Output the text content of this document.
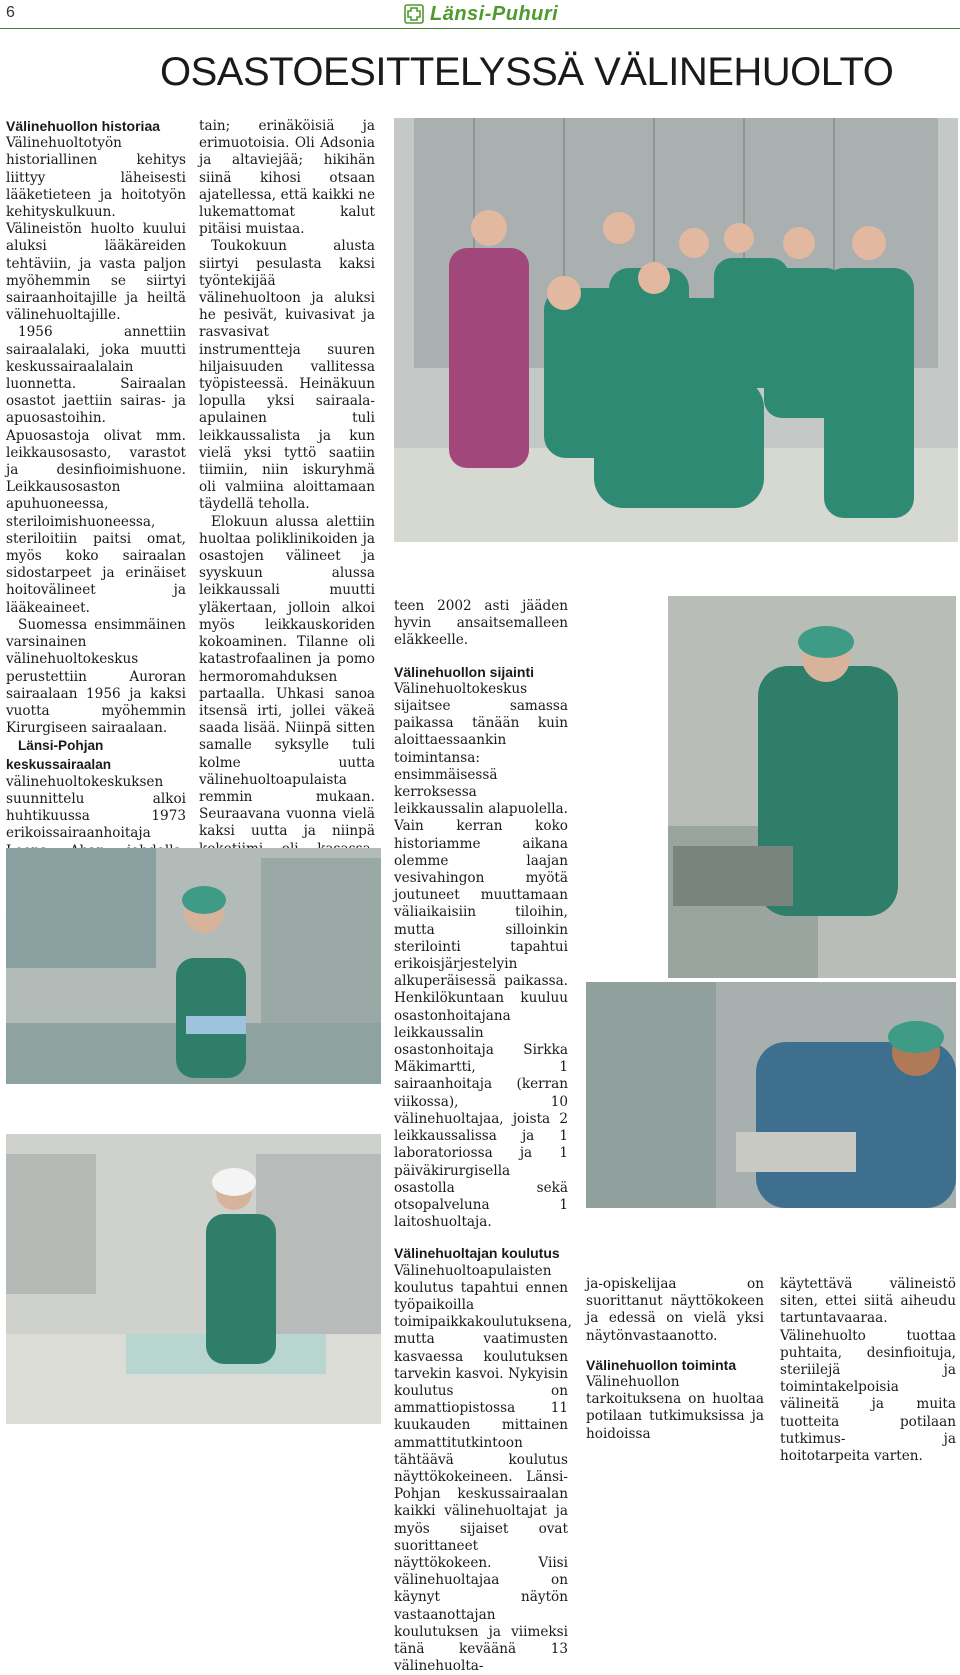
6	Länsi-Puhuri
OSASTOESITTELYSSÄ VÄLINEHUOLTO
Välinehuollon historiaa

Välinehuoltotyön historiallinen kehitys liittyy läheisesti lääketieteen ja hoitotyön kehityskulkuun. Välineistön huolto kuului aluksi lääkäreiden tehtäviin, ja vasta paljon myöhemmin se siirtyi sairaanhoitajille ja heiltä välinehuoltajille.

1956 annettiin sairaalalaki, joka muutti keskussairaalalain luonnetta. Sairaalan osastot jaettiin sairas- ja apuosastoihin. Apuosastoja olivat mm. leikkausosasto, varastot ja desinfioimishuone. Leikkausosaston apuhuoneessa, steriloimishuoneessa, steriloitiin paitsi omat, myös koko sairaalan sidostarpeet ja erinäiset hoitovälineet ja lääkeaineet.

Suomessa ensimmäinen varsinainen välinehuoltokeskus perustettiin Auroran sairaalaan 1956 ja kaksi vuotta myöhemmin Kirurgiseen sairaalaan.

Länsi-Pohjan keskussairaalan välinehuoltokeskuksen suunnittelu alkoi huhtikuussa 1973 erikoissairaanhoitaja

tain; erinäköisiä ja erimuotoisia. Oli Adsonia ja altaviejää; hikihän siinä kihosi otsaan ajatellessa, että kaikki ne lukemattomat kalut pitäisi muistaa.

Toukokuun alusta siirtyi pesulasta kaksi työntekijää välinehuoltoon ja aluksi he pesivät, kuivasivat ja rasvasivat instrumentteja suuren hiljaisuuden vallitessa työpisteessä. Heinäkuun lopulla yksi sairaala-apulainen tuli leikkaussalista ja kun vielä yksi tyttö saatiin tiimiin, niin iskuryhmä oli valmiina aloittamaan täydellä teholla.

Elokuun alussa alettiin huoltaa poliklinikoiden ja osastojen välineet ja syyskuun alussa leikkaussali muutti yläkertaan, jolloin alkoi myös leikkauskoriden kokoaminen. Tilanne oli katastrofaalinen ja pomo hermoromahduksen partaalla. Uhkasi sanoa itsensä irti, jollei väkeä saada lisää. Niinpä sitten samalle syksylle tuli kolme uutta välinehuoltoapulaista remmin mukaan. Seuraavana vuonna vielä kaksi uutta ja niinpä

teen 2002 asti jääden hyvin ansaitsemalleen eläkkeelle.

Välinehuollon sijainti

Välinehuoltokeskus sijaitsee samassa paikassa tänään kuin aloittaessaankin toimintansa: ensimmäisessä kerroksessa leikkaussalin alapuolella. Vain kerran koko historiamme aikana olemme laajan vesivahingon myötä joutuneet muuttamaan väliaikaisiin tiloihin, mutta silloinkin sterilointi tapahtui erikoisjärjestelyin alkuperäisessä paikassa. Henkilökuntaan kuuluu osastonhoitajana leikkaussalin osastonhoitaja Sirkka Mäkimartti, 1 sairaanhoitaja (kerran viikossa), 10 välinehuoltajaa, joista 2 leikkaussalissa ja 1 laboratoriossa ja 1 päiväkirurgisella osastolla sekä otsopalveluna 1 laitoshuoltaja.

Välinehuoltajan koulutus

Välinehuoltoapulaisten koulutus tapahtui ennen työpaikoilla toimipaikkakoulutuksena, mutta vaatimusten kasvaessa koulutuksen tarvekin kasvoi. Nykyisin koulutus on ammattiopistossa 11 kuukauden mittainen ammattitutkintoon tähtäävä koulutus näyttökokeineen. Länsi-Pohjan keskussairaalan kaikki välinehuoltajat ja myös sijaiset ovat suorittaneet näyttökokeen. Viisi välinehuoltajaa on käynyt näytön vastaanottajan koulutuksen ja viimeksi tänä keväänä 13 välinehuolta-

ja-opiskelijaa on suorittanut näyttökokeen ja edessä on vielä yksi näytönvastaanotto.

Välinehuollon toiminta

Välinehuollon tarkoituksena on huoltaa potilaan tutkimuksissa ja hoidoissa

käytettävä välineistö siten, ettei siitä aiheudu tartuntavaaraa. Välinehuolto tuottaa puhtaita, desinfioituja, steriilejä ja toimintakelpoisia välineitä ja muita tuotteita potilaan tutkimus- ja hoitotarpeita varten.
